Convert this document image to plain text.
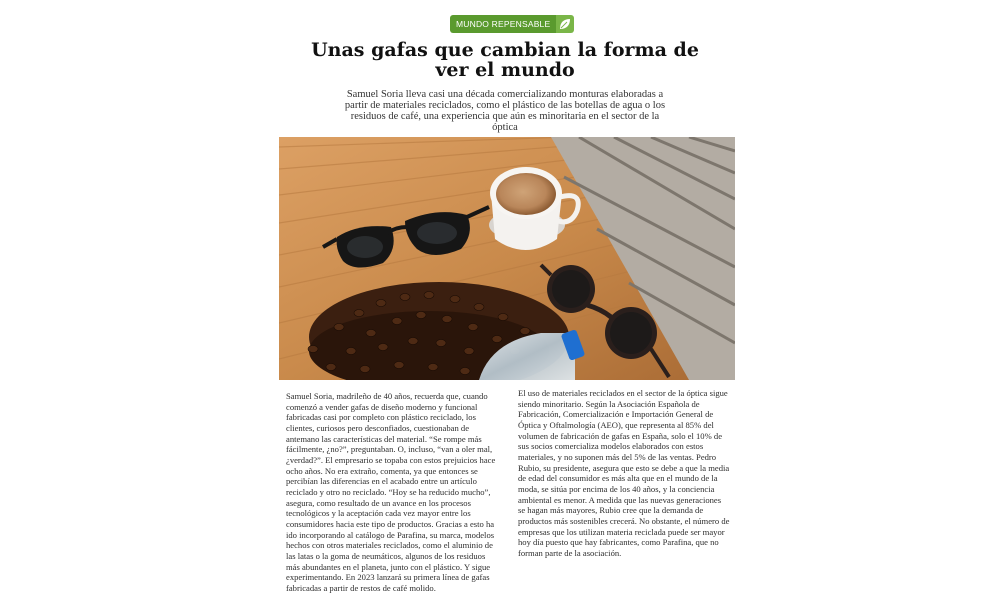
MUNDO REPENSABLE
Unas gafas que cambian la forma de ver el mundo

Samuel Soria lleva casi una década comercializando monturas elaboradas a partir de materiales reciclados, como el plástico de las botellas de agua o los residuos de café, una experiencia que aún es minoritaria en el sector de la óptica

Samuel Soria, madrileño de 40 años, recuerda que, cuando comenzó a vender gafas de diseño moderno y funcional fabricadas casi por completo con plástico reciclado, los clientes, curiosos pero desconfiados, cuestionaban de antemano las características del material. “Se rompe más fácilmente, ¿no?”, preguntaban. O, incluso, “van a oler mal, ¿verdad?”. El empresario se topaba con estos prejuicios hace ocho años. No era extraño, comenta, ya que entonces se percibían las diferencias en el acabado entre un artículo reciclado y otro no reciclado. “Hoy se ha reducido mucho”, asegura, como resultado de un avance en los procesos tecnológicos y la aceptación cada vez mayor entre los consumidores hacia este tipo de productos. Gracias a esto ha ido incorporando al catálogo de Parafina, su marca, modelos hechos con otros materiales reciclados, como el aluminio de las latas o la goma de neumáticos, algunos de los residuos más abundantes en el planeta, junto con el plástico. Y sigue experimentando. En 2023 lanzará su primera línea de gafas fabricadas a partir de restos de café molido.

El uso de materiales reciclados en el sector de la óptica sigue siendo minoritario. Según la Asociación Española de Fabricación, Comercialización e Importación General de Óptica y Oftalmología (AEO), que representa al 85% del volumen de fabricación de gafas en España, solo el 10% de sus socios comercializa modelos elaborados con estos materiales, y no suponen más del 5% de las ventas. Pedro Rubio, su presidente, asegura que esto se debe a que la media de edad del consumidor es más alta que en el mundo de la moda, se sitúa por encima de los 40 años, y la conciencia ambiental es menor. A medida que las nuevas generaciones se hagan más mayores, Rubio cree que la demanda de productos más sostenibles crecerá. No obstante, el número de empresas que los utilizan materia reciclada puede ser mayor hoy día puesto que hay fabricantes, como Parafina, que no forman parte de la asociación.
